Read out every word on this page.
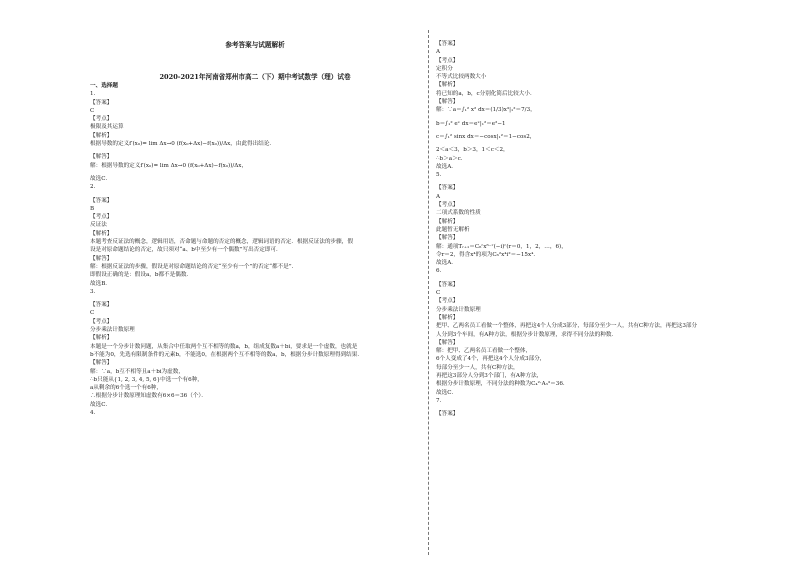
参考答案与试题解析
2020-2021年河南省郑州市高二（下）期中考试数学（理）试卷
一、选择题
1.
【答案】
C
【考点】
极限及其运算
【解析】
根据导数的定义f′(x₀)= lim Δx→0 (f(x₀+Δx)−f(x₀))/Δx，由此得出结论．
【解答】
解：根据导数的定义f′(x₀)= lim Δx→0 (f(x₀+Δx)−f(x₀))/Δx，
故选C．
2.
【答案】
B
【考点】
反证法
【解析】
本题考查反证法的概念，逻辑用语，否命题与命题的否定的概念，逻辑词语的否定．根据反证法的步骤，假
设是对原命题结论的否定，故只须对“a、b中至少有一个偶数”写出否定即可．
【解答】
解：根据反证法的步骤，假设是对原命题结论的否定“至少有一个”的否定“都不是”．
即假设正确的是：假设a，b都不是偶数．
故选B．
3.
【答案】
C
【考点】
分步乘法计数原理
【解析】
本题是一个分步计数问题，从集合中任取两个互不相等的数a，b，组成复数a＋bi，要求是一个虚数，也就是
b不能为0，先选有限制条件的元素b，不能选0，在根据两个互不相等的数a，b，根据分步计数原理得到结果．
【解答】
解：∵a，b互不相等且a＋bi为虚数，
∴b只能从{1, 2, 3, 4, 5, 6}中选一个有6种，
a从剩余的6个选一个有6种，
∴根据分步计数原理知虚数有6×6＝36（个）．
故选C．
4.
【答案】
A
【考点】
定积分
不等式比较两数大小
【解析】
将已知的a，b，c分别化简后比较大小．
【解答】
解：∵a＝∫₁² x² dx＝(1/3)x³|₁²＝7/3，
b＝∫₁² eˣ dx＝eˣ|₁²＝e²−1
c＝∫₁² sinx dx＝−cosx|₁²＝1−cos2，
2＜a＜3，b＞3，1＜c＜2，
∴b＞a＞c．
故选A．
5.
【答案】
A
【考点】
二项式系数的性质
【解析】
此题暂无解析
【解答】
解：通项Tᵣ₊₁＝C₆ʳx⁶⁻ʳ(−i)ʳ(r＝0，1，2，…，6)，
令r＝2，得含x⁴的项为C₆²x⁴i²＝−15x⁴．
故选A．
6.
【答案】
C
【考点】
分步乘法计数原理
【解析】
把甲、乙两名员工看做一个整体，再把这4个人分成3部分，每部分至少一人，共有C种方法，再把这3部分
人分到3个车间，有A种方法，根据分步计数原理，求得不同分法的种数．
【解答】
解：把甲、乙两名员工看做一个整体，
6个人变成了4个，再把这4个人分成3部分，
每部分至少一人，共有C种方法，
再把这3部分人分到3个部门，有A种方法，
根据分步计数原理，不同分法的种数为C₄²·A₃³＝36．
故选C．
7.
【答案】
